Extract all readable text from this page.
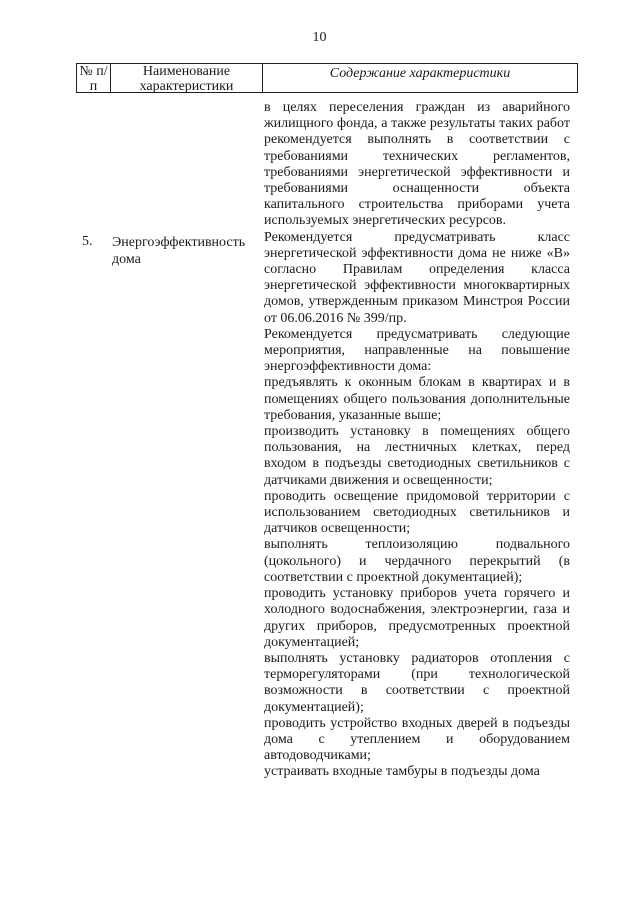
10
№ п/п
Наименование характеристики
Содержание характеристики
5. Энергоэффективность дома

в целях переселения граждан из аварийного жилищного фонда, а также результаты таких работ рекомендуется выполнять в соответствии с требованиями технических регламентов, требованиями энергетической эффективности и требованиями оснащенности объекта капитального строительства приборами учета используемых энергетических ресурсов.

Рекомендуется предусматривать класс энергетической эффективности дома не ниже «В» согласно Правилам определения класса энергетической эффективности многоквартирных домов, утвержденным приказом Минстроя России от 06.06.2016 № 399/пр.

Рекомендуется предусматривать следующие мероприятия, направленные на повышение энергоэффективности дома:

предъявлять к оконным блокам в квартирах и в помещениях общего пользования дополнительные требования, указанные выше;

производить установку в помещениях общего пользования, на лестничных клетках, перед входом в подъезды светодиодных светильников с датчиками движения и освещенности;

проводить освещение придомовой территории с использованием светодиодных светильников и датчиков освещенности;

выполнять теплоизоляцию подвального (цокольного) и чердачного перекрытий (в соответствии с проектной документацией);

проводить установку приборов учета горячего и холодного водоснабжения, электроэнергии, газа и других приборов, предусмотренных проектной документацией;

выполнять установку радиаторов отопления с терморегуляторами (при технологической возможности в соответствии с проектной документацией);

проводить устройство входных дверей в подъезды дома с утеплением и оборудованием автодоводчиками;

устраивать входные тамбуры в подъезды дома
